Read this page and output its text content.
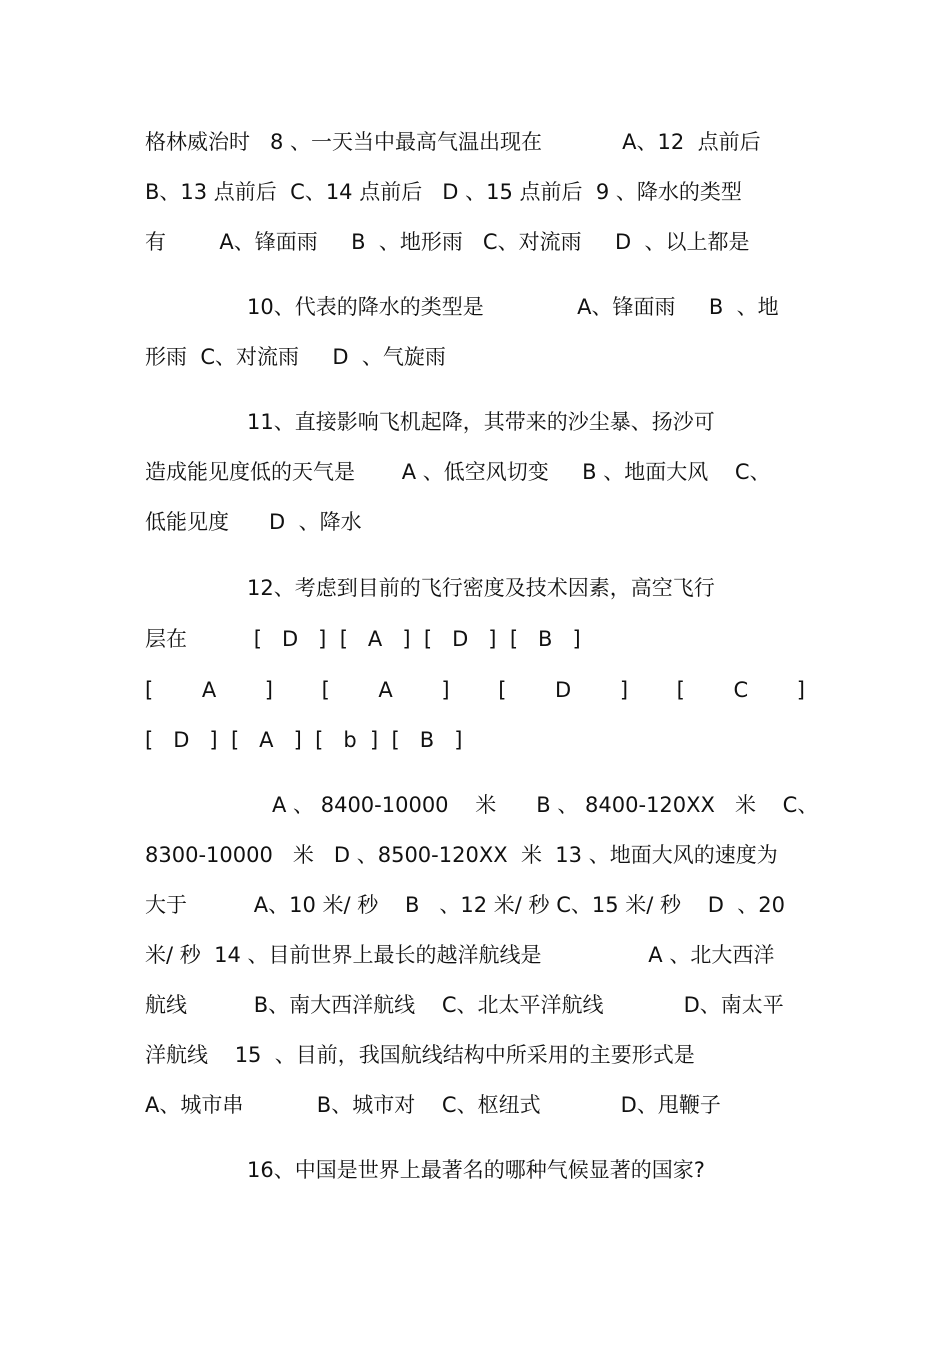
格林威治时   8 、一天当中最高气温出现在            A、12  点前后
B、13 点前后  C、14 点前后   D 、15 点前后  9 、降水的类型
有        A、锋面雨     B  、地形雨   C、对流雨     D  、以上都是
10、代表的降水的类型是              A、锋面雨     B  、地
形雨  C、对流雨     D  、气旋雨
11、直接影响飞机起降，其带来的沙尘暴、扬沙可
造成能见度低的天气是       A 、低空风切变     B 、地面大风    C、
低能见度      D  、降水
12、考虑到目前的飞行密度及技术因素，高空飞行
层在          [   D   ]  [   A   ]  [   D   ]  [   B   ]
[ A ] [ A ] [ D ] [ C ]
[   D   ]  [   A   ]  [   b  ]  [   B   ]
A 、 8400-10000    米      B 、 8400-120XX   米    C、
8300-10000   米   D 、8500-120XX  米  13 、地面大风的速度为
大于          A、10 米/ 秒    B   、12 米/ 秒 C、15 米/ 秒    D  、20
米/ 秒  14 、目前世界上最长的越洋航线是                A 、北大西洋
航线          B、南大西洋航线    C、北太平洋航线            D、南太平
洋航线    15  、目前，我国航线结构中所采用的主要形式是
A、城市串           B、城市对    C、枢纽式            D、甩鞭子
16、中国是世界上最著名的哪种气候显著的国家?
